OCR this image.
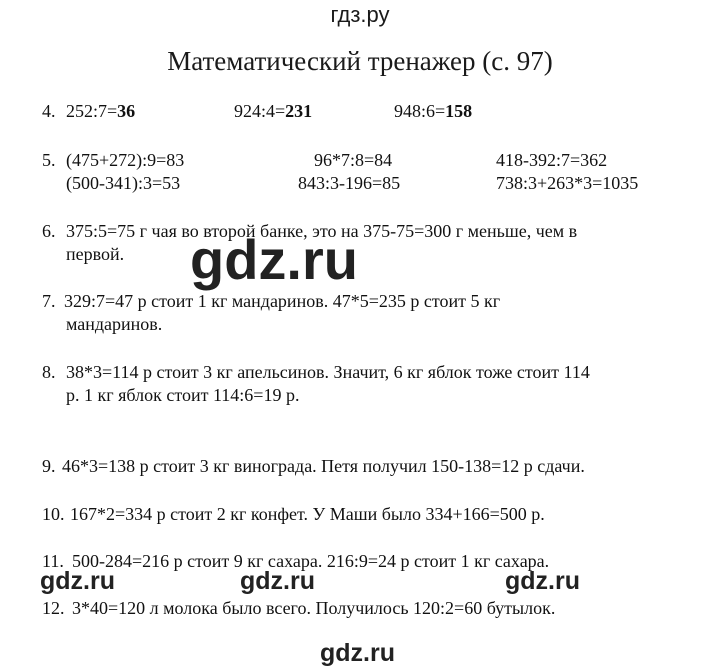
гдз.ру
Математический тренажер (с. 97)
4. 252:7=36	924:4=231	948:6=158
5. (475+272):9=83	96*7:8=84	418-392:7=362
(500-341):3=53	843:3-196=85	738:3+263*3=1035
6. 375:5=75 г чая во второй банке, это на 375-75=300 г меньше, чем в
первой.
7. 329:7=47 р стоит 1 кг мандаринов. 47*5=235 р стоит 5 кг
мандаринов.
8. 38*3=114 р стоит 3 кг апельсинов. Значит, 6 кг яблок тоже стоит 114
р. 1 кг яблок стоит 114:6=19 р.
9. 46*3=138 р стоит 3 кг винограда. Петя получил 150-138=12 р сдачи.
10. 167*2=334 р стоит 2 кг конфет. У Маши было 334+166=500 р.
11. 500-284=216 р стоит 9 кг сахара. 216:9=24 р стоит 1 кг сахара.
12. 3*40=120 л молока было всего. Получилось 120:2=60 бутылок.
gdz.ru
gdz.ru	gdz.ru	gdz.ru
gdz.ru
